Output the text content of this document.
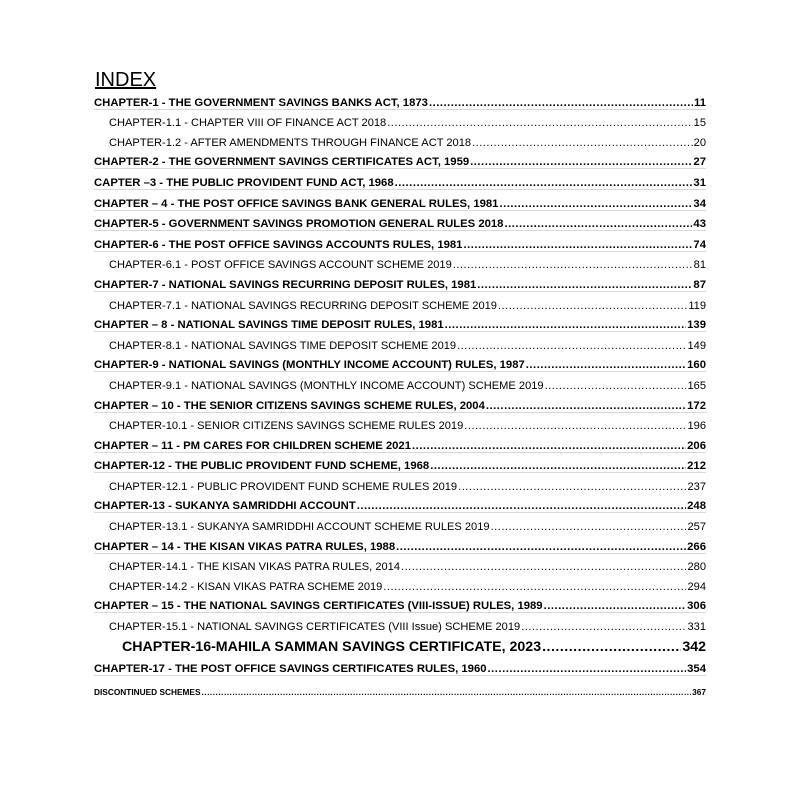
INDEX
CHAPTER-1 - THE GOVERNMENT SAVINGS BANKS ACT, 1873 .....	11
CHAPTER-1.1 - CHAPTER VIII OF FINANCE ACT 2018 .....	15
CHAPTER-1.2 - AFTER AMENDMENTS THROUGH FINANCE ACT 2018 .....	20
CHAPTER-2 - THE GOVERNMENT SAVINGS CERTIFICATES ACT, 1959 .....	27
CAPTER –3 - THE PUBLIC PROVIDENT FUND ACT, 1968 .....	31
CHAPTER – 4 - THE POST OFFICE SAVINGS BANK GENERAL RULES, 1981 .....	34
CHAPTER-5 - GOVERNMENT SAVINGS PROMOTION GENERAL RULES 2018 .....	43
CHAPTER-6 - THE POST OFFICE SAVINGS ACCOUNTS RULES, 1981 .....	74
CHAPTER-6.1 - POST OFFICE SAVINGS ACCOUNT SCHEME 2019 .....	81
CHAPTER-7 - NATIONAL SAVINGS RECURRING DEPOSIT RULES, 1981 .....	87
CHAPTER-7.1 - NATIONAL SAVINGS RECURRING DEPOSIT SCHEME 2019 .....	119
CHAPTER – 8 - NATIONAL SAVINGS TIME DEPOSIT RULES, 1981 .....	139
CHAPTER-8.1 - NATIONAL SAVINGS TIME DEPOSIT SCHEME 2019 .....	149
CHAPTER-9 - NATIONAL SAVINGS (MONTHLY INCOME ACCOUNT) RULES, 1987 .....	160
CHAPTER-9.1 - NATIONAL SAVINGS (MONTHLY INCOME ACCOUNT) SCHEME 2019 .....	165
CHAPTER – 10 - THE SENIOR CITIZENS SAVINGS SCHEME RULES, 2004 .....	172
CHAPTER-10.1 - SENIOR CITIZENS SAVINGS SCHEME RULES 2019 .....	196
CHAPTER – 11 - PM CARES FOR CHILDREN SCHEME 2021 .....	206
CHAPTER-12 - THE PUBLIC PROVIDENT FUND SCHEME, 1968 .....	212
CHAPTER-12.1 - PUBLIC PROVIDENT FUND SCHEME RULES 2019 .....	237
CHAPTER-13 - SUKANYA SAMRIDDHI ACCOUNT .....	248
CHAPTER-13.1 - SUKANYA SAMRIDDHI ACCOUNT SCHEME RULES 2019 .....	257
CHAPTER – 14 - THE KISAN VIKAS PATRA RULES, 1988 .....	266
CHAPTER-14.1 - THE KISAN VIKAS PATRA RULES, 2014 .....	280
CHAPTER-14.2 - KISAN VIKAS PATRA SCHEME 2019 .....	294
CHAPTER – 15 - THE NATIONAL SAVINGS CERTIFICATES (VIII-ISSUE) RULES, 1989 .....	306
CHAPTER-15.1 - NATIONAL SAVINGS CERTIFICATES (VIII Issue) SCHEME 2019 .....	331
CHAPTER-16-MAHILA SAMMAN SAVINGS CERTIFICATE, 2023 .....	342
CHAPTER-17 - THE POST OFFICE SAVINGS CERTIFICATES RULES, 1960 .....	354
DISCONTINUED SCHEMES .....	367
